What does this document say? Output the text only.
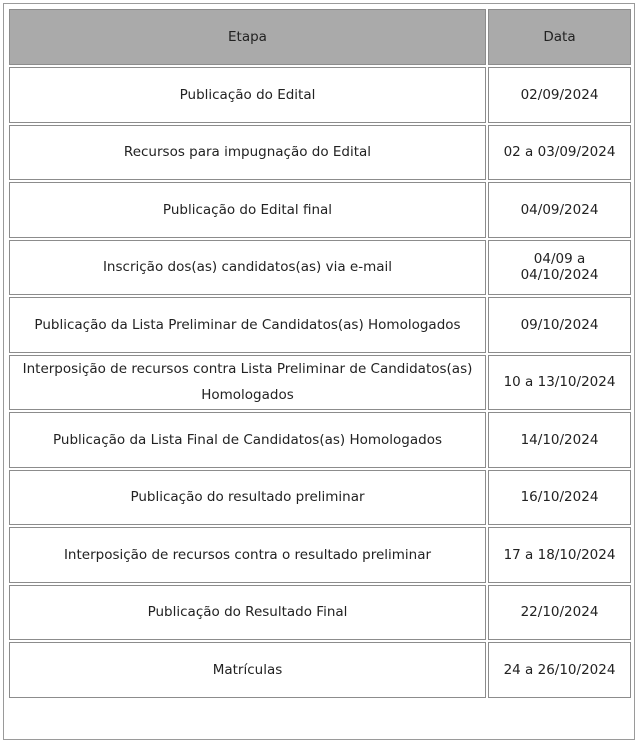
Etapa	Data
Publicação do Edital	02/09/2024
Recursos para impugnação do Edital	02 a 03/09/2024
Publicação do Edital final	04/09/2024
Inscrição dos(as) candidatos(as) via e-mail	04/09 a 04/10/2024
Publicação da Lista Preliminar de Candidatos(as) Homologados	09/10/2024
Interposição de recursos contra Lista Preliminar de Candidatos(as) Homologados	10 a 13/10/2024
Publicação da Lista Final de Candidatos(as) Homologados	14/10/2024
Publicação do resultado preliminar	16/10/2024
Interposição de recursos contra o resultado preliminar	17 a 18/10/2024
Publicação do Resultado Final	22/10/2024
Matrículas	24 a 26/10/2024
